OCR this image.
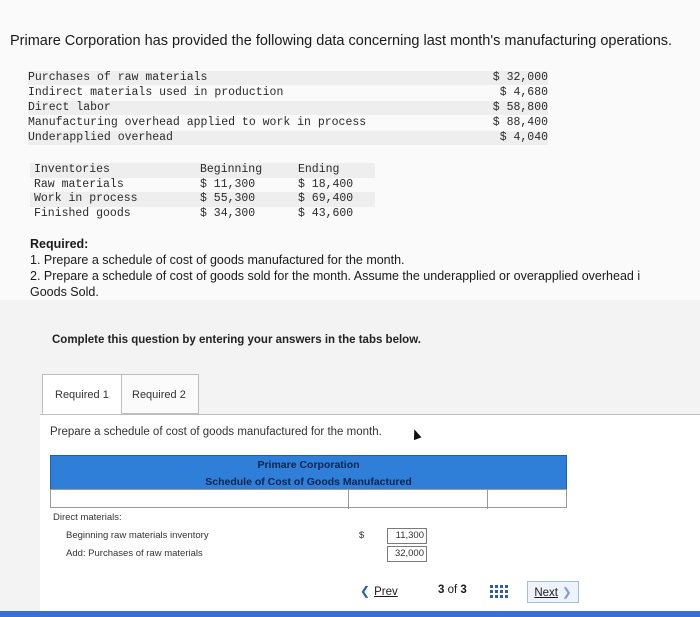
Primare Corporation has provided the following data concerning last month's manufacturing operations.
Purchases of raw materials	$ 32,000
Indirect materials used in production	$ 4,680
Direct labor	$ 58,800
Manufacturing overhead applied to work in process	$ 88,400
Underapplied overhead	$ 4,040
Inventories	Beginning	Ending
Raw materials	$ 11,300	$ 18,400
Work in process	$ 55,300	$ 69,400
Finished goods	$ 34,300	$ 43,600
Required:
1. Prepare a schedule of cost of goods manufactured for the month.
2. Prepare a schedule of cost of goods sold for the month. Assume the underapplied or overapplied overhead i
Goods Sold.
Complete this question by entering your answers in the tabs below.
Required 1	Required 2
Prepare a schedule of cost of goods manufactured for the month.
Primare Corporation
Schedule of Cost of Goods Manufactured
Direct materials:
Beginning raw materials inventory	$	11,300
Add: Purchases of raw materials	32,000
❮ Prev	3 of 3	Next ❯
